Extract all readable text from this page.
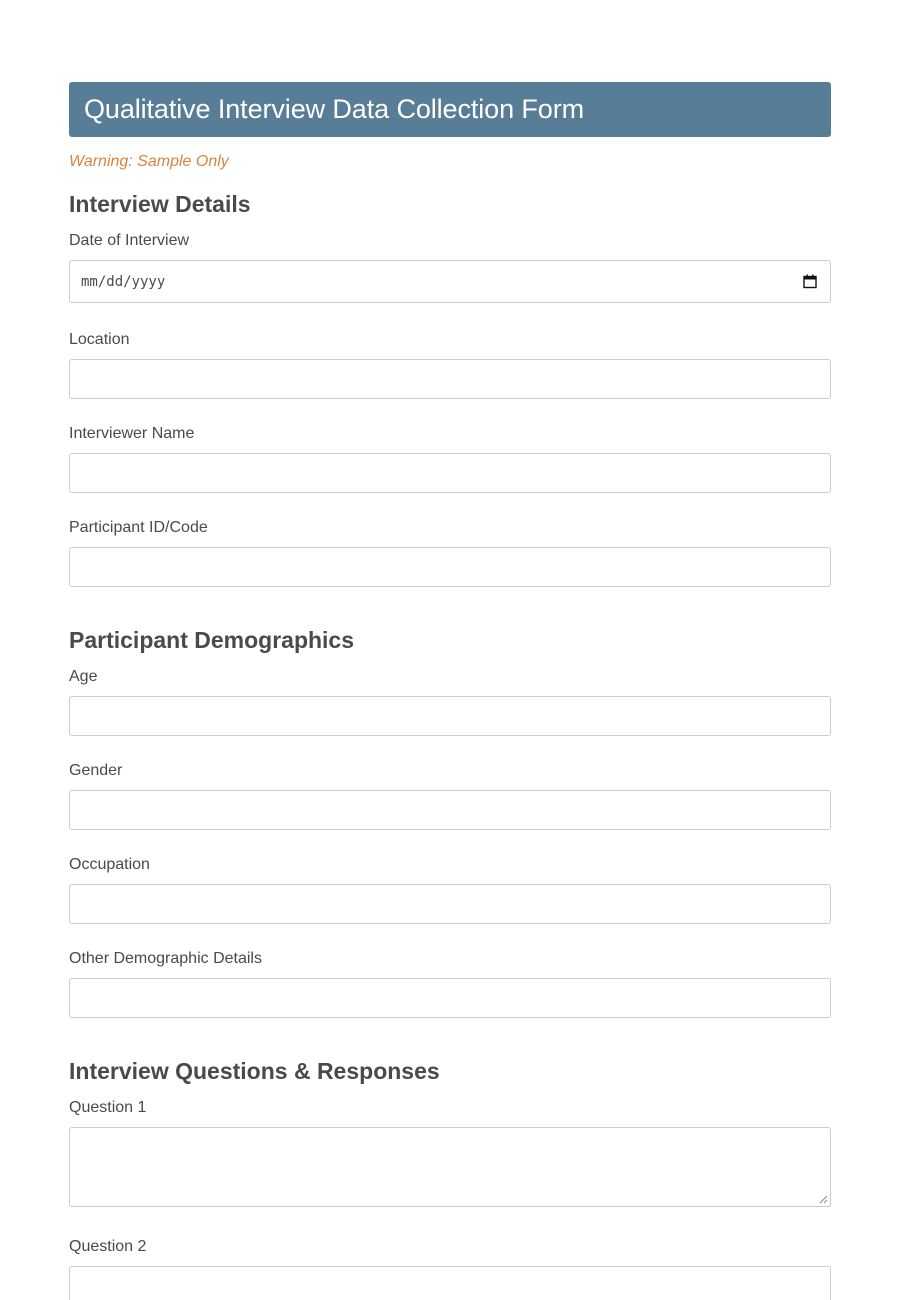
Qualitative Interview Data Collection Form
Warning: Sample Only
Interview Details
Date of Interview
mm/dd/yyyy
Location
Interviewer Name
Participant ID/Code
Participant Demographics
Age
Gender
Occupation
Other Demographic Details
Interview Questions & Responses
Question 1
Question 2
